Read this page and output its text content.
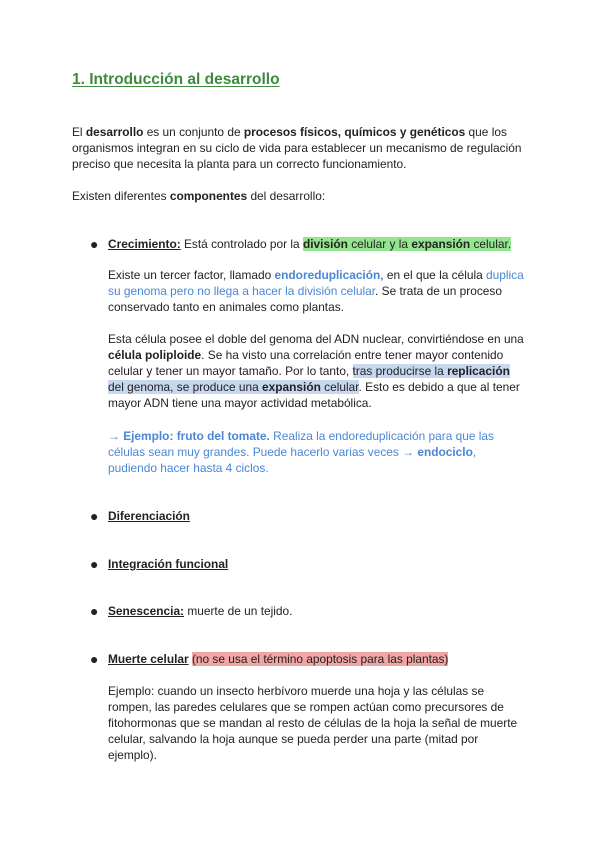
1. Introducción al desarrollo
El desarrollo es un conjunto de procesos físicos, químicos y genéticos que los organismos integran en su ciclo de vida para establecer un mecanismo de regulación preciso que necesita la planta para un correcto funcionamiento.
Existen diferentes componentes del desarrollo:
● Crecimiento: Está controlado por la división celular y la expansión celular.
Existe un tercer factor, llamado endoreduplicación, en el que la célula duplica su genoma pero no llega a hacer la división celular. Se trata de un proceso conservado tanto en animales como plantas.
Esta célula posee el doble del genoma del ADN nuclear, convirtiéndose en una célula poliploide. Se ha visto una correlación entre tener mayor contenido celular y tener un mayor tamaño. Por lo tanto, tras producirse la replicación del genoma, se produce una expansión celular. Esto es debido a que al tener mayor ADN tiene una mayor actividad metabólica.
→ Ejemplo: fruto del tomate. Realiza la endoreduplicación para que las células sean muy grandes. Puede hacerlo varias veces → endociclo, pudiendo hacer hasta 4 ciclos.
● Diferenciación
● Integración funcional
● Senescencia: muerte de un tejido.
● Muerte celular (no se usa el término apoptosis para las plantas)
Ejemplo: cuando un insecto herbívoro muerde una hoja y las células se rompen, las paredes celulares que se rompen actúan como precursores de fitohormonas que se mandan al resto de células de la hoja la señal de muerte celular, salvando la hoja aunque se pueda perder una parte (mitad por ejemplo).
